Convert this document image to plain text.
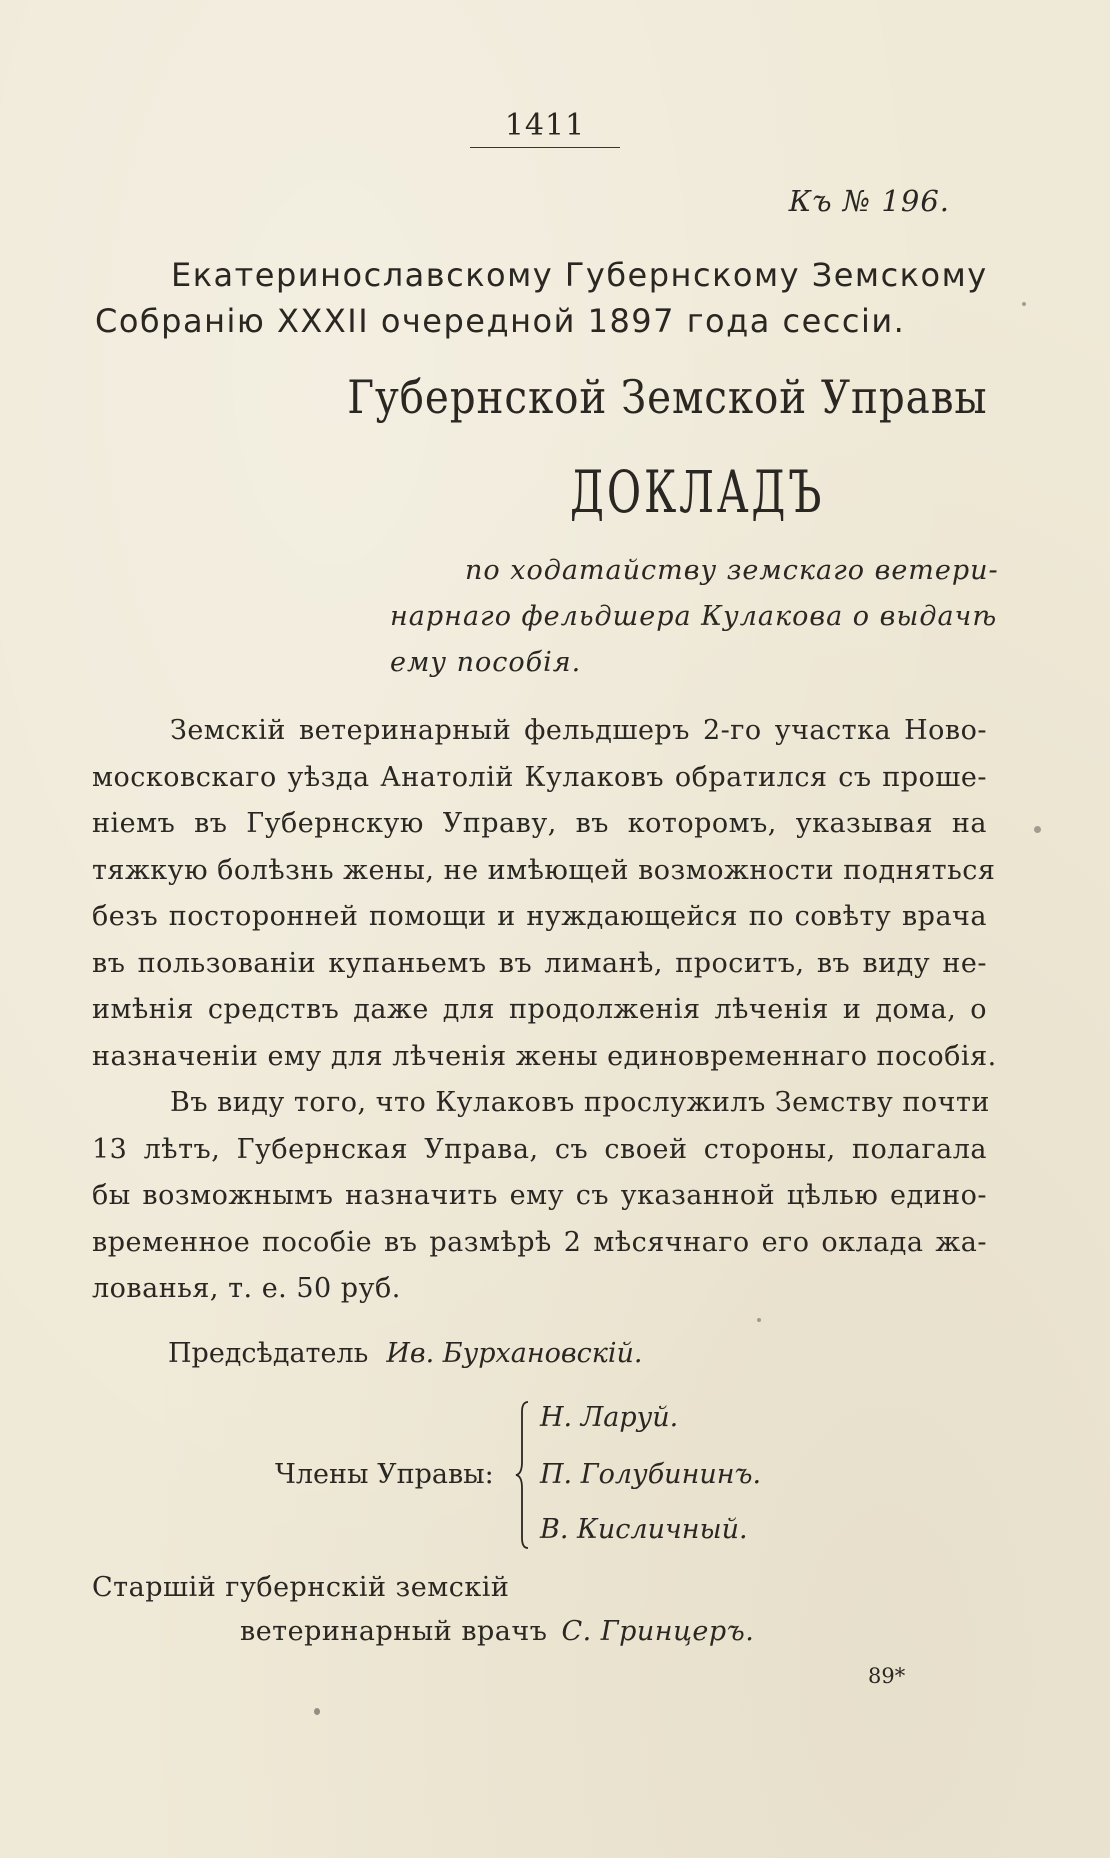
1411
Къ № 196.
Екатеринославскому Губернскому Земскому
Собранію XXXII очередной 1897 года сессіи.
Губернской Земской Управы
ДОКЛАДЪ
по ходатайству земскаго ветери-
нарнаго фельдшера Кулакова о выдачѣ
ему пособія.
Земскій ветеринарный фельдшеръ 2-го участка Ново-
московскаго уѣзда Анатолій Кулаковъ обратился съ проше-
ніемъ въ Губернскую Управу, въ которомъ, указывая на
тяжкую болѣзнь жены, не имѣющей возможности подняться
безъ посторонней помощи и нуждающейся по совѣту врача
въ пользованіи купаньемъ въ лиманѣ, проситъ, въ виду не-
имѣнія средствъ даже для продолженія лѣченія и дома, о
назначеніи ему для лѣченія жены единовременнаго пособія.
Въ виду того, что Кулаковъ прослужилъ Земству почти
13 лѣтъ, Губернская Управа, съ своей стороны, полагала
бы возможнымъ назначить ему съ указанной цѣлью едино-
временное пособіе въ размѣрѣ 2 мѣсячнаго его оклада жа-
лованья, т. е. 50 руб.
Предсѣдатель Ив. Бурхановскій.
Члены Управы:
Н. Ларуй.
П. Голубининъ.
В. Кисличный.
Старшій губернскій земскій
ветеринарный врачъ С. Гринцеръ.
89*
